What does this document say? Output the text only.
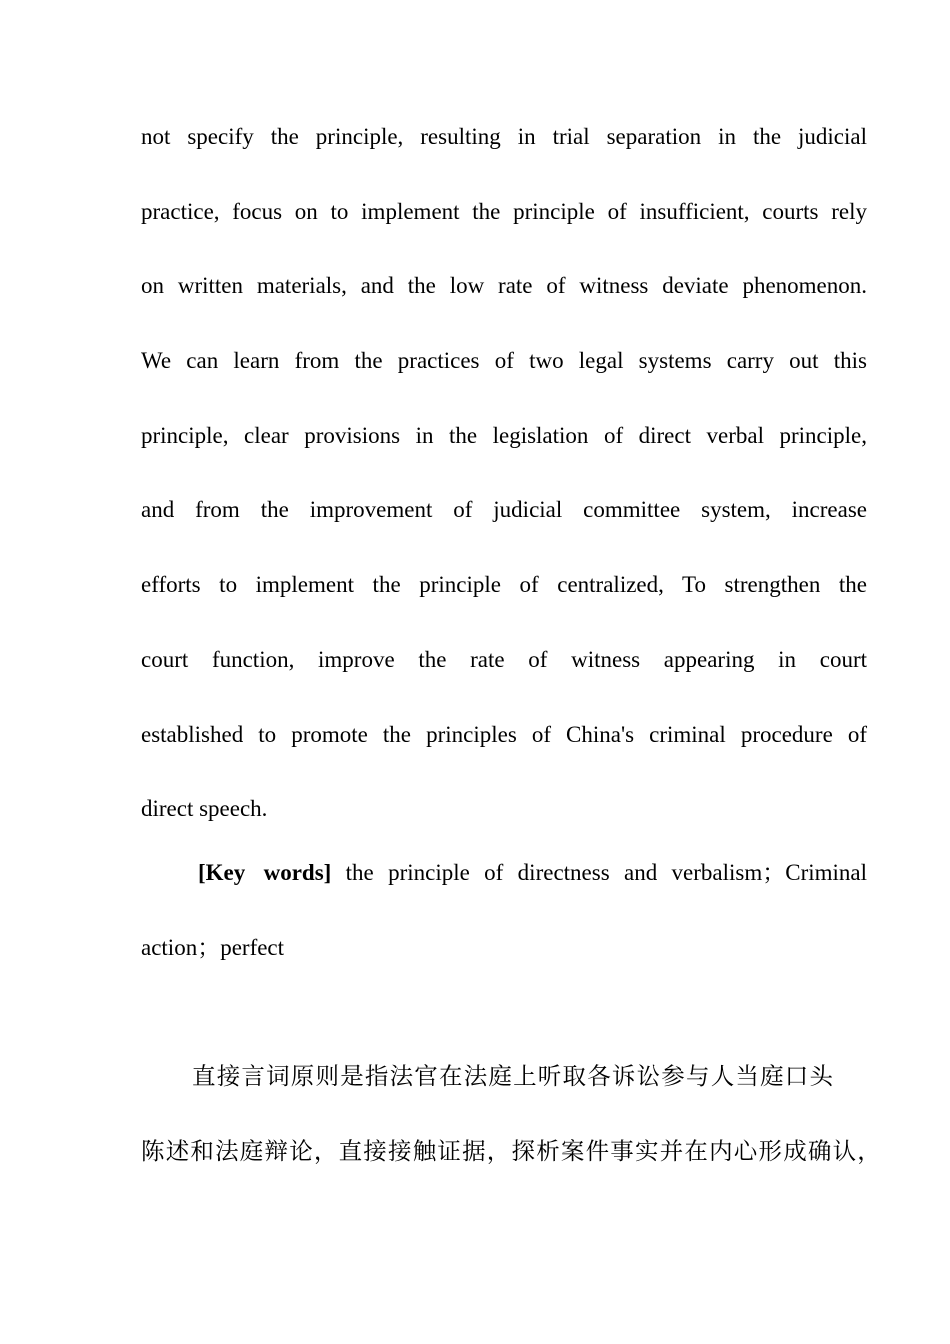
not specify the principle, resulting in trial separation in the judicial
practice, focus on to implement the principle of insufficient, courts rely
on written materials, and the low rate of witness deviate phenomenon.
We can learn from the practices of two legal systems carry out this
principle, clear provisions in the legislation of direct verbal principle,
and from the improvement of judicial committee system, increase
efforts to implement the principle of centralized, To strengthen the
court function, improve the rate of witness appearing in court
established to promote the principles of China's criminal procedure of
direct speech.
[Key words] the principle of directness and verbalism；Criminal
action；perfect
直接言词原则是指法官在法庭上听取各诉讼参与人当庭口头
陈述和法庭辩论，直接接触证据，探析案件事实并在内心形成确认，
